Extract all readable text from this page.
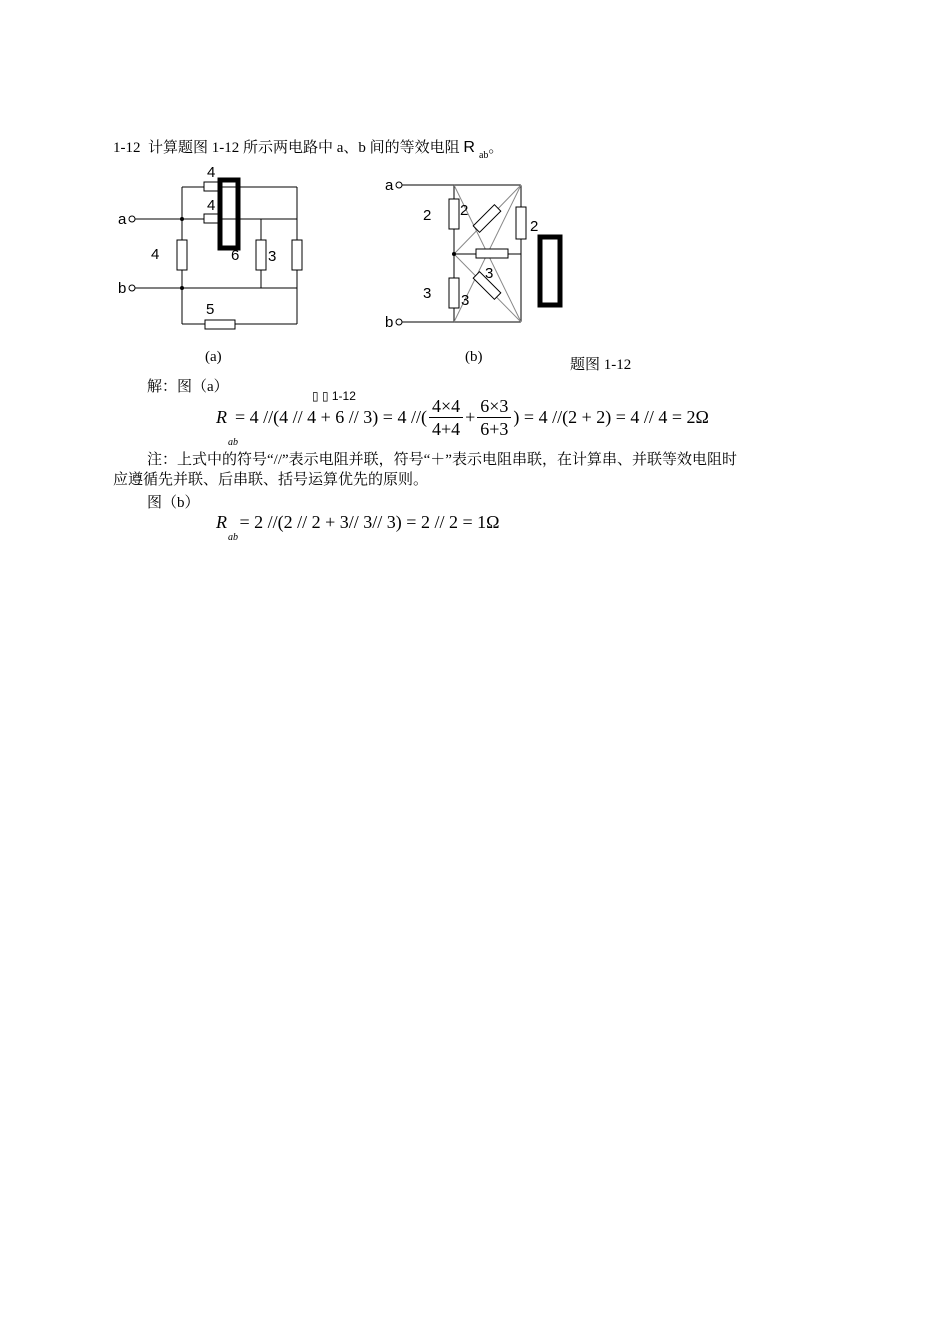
1-12 计算题图 1-12 所示两电路中 a、b 间的等效电阻 R $_{ab}$。
a
b
4
4
4	6 3
5
a
b
2 2
2
3 3
3
(a)	(b)	题图 1-12
解：图（a）
▯ ▯ 1-12
R
ab
= 4 //(4 // 4 + 6 // 3) = 4 //( $\frac{4\times 4}{4+4} + \frac{6\times 3}{6+3}$ ) = 4 //(2 + 2) = 4 // 4 = 2Ω
注：上式中的符号“//”表示电阻并联，符号“＋”表示电阻串联，在计算串、并联等效电阻时
应遵循先并联、后串联、括号运算优先的原则。
图（b）
R
ab
= 2 //(2 // 2 + 3// 3// 3) = 2 // 2 = 1Ω
